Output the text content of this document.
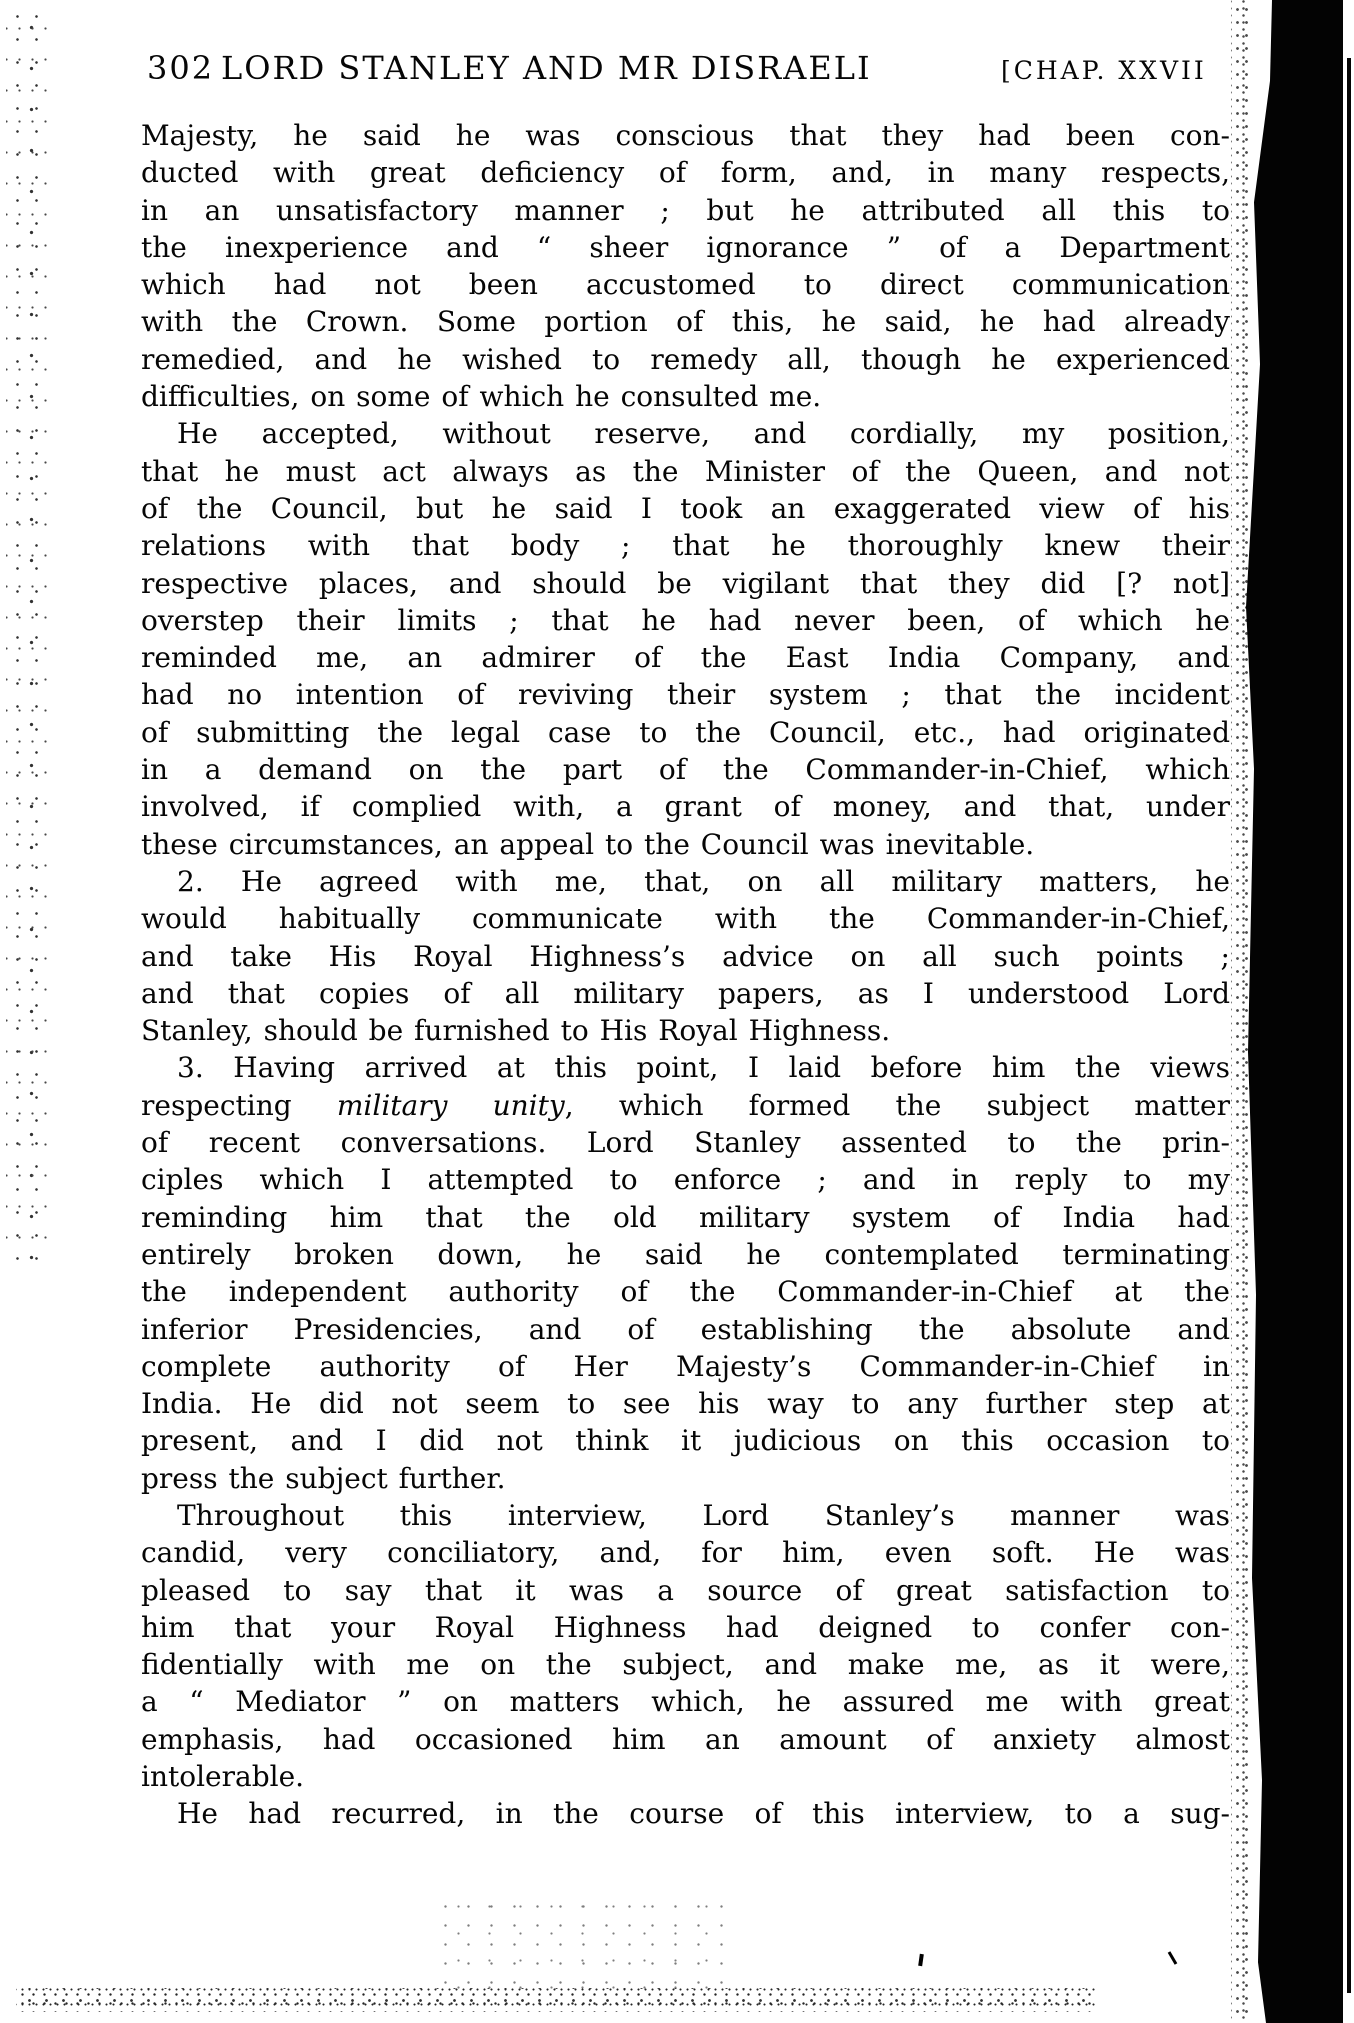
302 LORD STANLEY AND MR DISRAELI	[CHAP. XXVII
Majesty, he said he was conscious that they had been con-
ducted with great deficiency of form, and, in many respects,
in an unsatisfactory manner ; but he attributed all this to
the inexperience and “ sheer ignorance ” of a Department
which had not been accustomed to direct communication
with the Crown. Some portion of this, he said, he had already
remedied, and he wished to remedy all, though he experienced
difficulties, on some of which he consulted me.
He accepted, without reserve, and cordially, my position,
that he must act always as the Minister of the Queen, and not
of the Council, but he said I took an exaggerated view of his
relations with that body ; that he thoroughly knew their
respective places, and should be vigilant that they did [? not]
overstep their limits ; that he had never been, of which he
reminded me, an admirer of the East India Company, and
had no intention of reviving their system ; that the incident
of submitting the legal case to the Council, etc., had originated
in a demand on the part of the Commander-in-Chief, which
involved, if complied with, a grant of money, and that, under
these circumstances, an appeal to the Council was inevitable.
2. He agreed with me, that, on all military matters, he
would habitually communicate with the Commander-in-Chief,
and take His Royal Highness’s advice on all such points ;
and that copies of all military papers, as I understood Lord
Stanley, should be furnished to His Royal Highness.
3. Having arrived at this point, I laid before him the views
respecting military unity, which formed the subject matter
of recent conversations. Lord Stanley assented to the prin-
ciples which I attempted to enforce ; and in reply to my
reminding him that the old military system of India had
entirely broken down, he said he contemplated terminating
the independent authority of the Commander-in-Chief at the
inferior Presidencies, and of establishing the absolute and
complete authority of Her Majesty’s Commander-in-Chief in
India. He did not seem to see his way to any further step at
present, and I did not think it judicious on this occasion to
press the subject further.
Throughout this interview, Lord Stanley’s manner was
candid, very conciliatory, and, for him, even soft. He was
pleased to say that it was a source of great satisfaction to
him that your Royal Highness had deigned to confer con-
fidentially with me on the subject, and make me, as it were,
a “ Mediator ” on matters which, he assured me with great
emphasis, had occasioned him an amount of anxiety almost
intolerable.
He had recurred, in the course of this interview, to a sug-
